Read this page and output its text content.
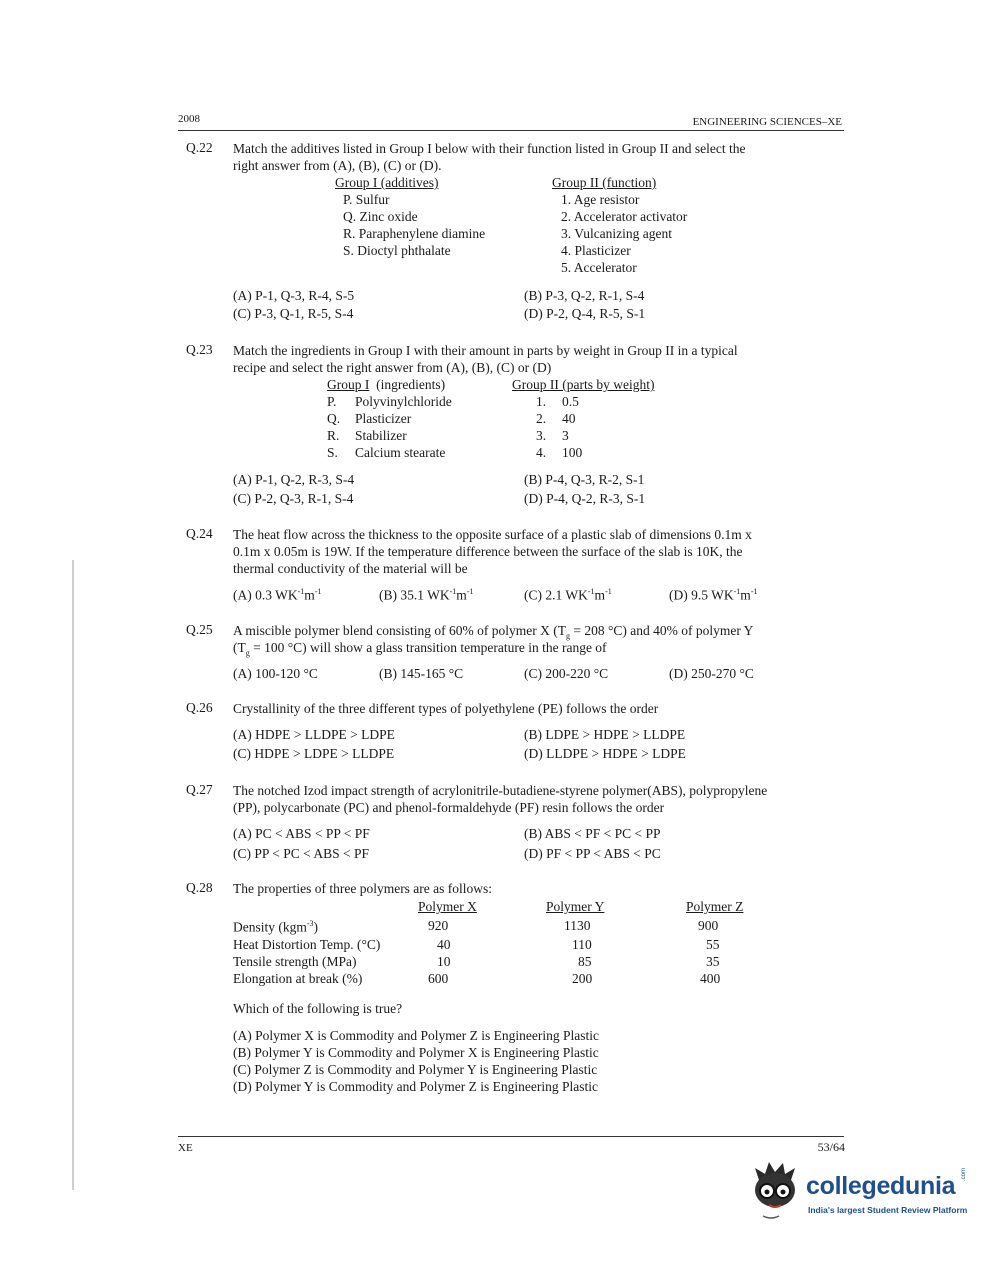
2008	ENGINEERING SCIENCES–XE
Q.22 Match the additives listed in Group I below with their function listed in Group II and select the
right answer from (A), (B), (C) or (D).
Group I (additives)
P. Sulfur
Q. Zinc oxide
R. Paraphenylene diamine
S. Dioctyl phthalate
Group II (function)
1. Age resistor
2. Accelerator activator
3. Vulcanizing agent
4. Plasticizer
5. Accelerator
(A) P-1, Q-3, R-4, S-5	(B) P-3, Q-2, R-1, S-4
(C) P-3, Q-1, R-5, S-4	(D) P-2, Q-4, R-5, S-1
Q.23 Match the ingredients in Group I with their amount in parts by weight in Group II in a typical
recipe and select the right answer from (A), (B), (C) or (D)
Group I (ingredients)
P. Polyvinylchloride
Q. Plasticizer
R. Stabilizer
S. Calcium stearate
Group II (parts by weight)
1. 0.5
2. 40
3. 3
4. 100
(A) P-1, Q-2, R-3, S-4	(B) P-4, Q-3, R-2, S-1
(C) P-2, Q-3, R-1, S-4	(D) P-4, Q-2, R-3, S-1
Q.24 The heat flow across the thickness to the opposite surface of a plastic slab of dimensions 0.1m x
0.1m x 0.05m is 19W. If the temperature difference between the surface of the slab is 10K, the
thermal conductivity of the material will be
(A) 0.3 $WK^{-1}m^{-1}$	(B) 35.1 $WK^{-1}m^{-1}$	(C) 2.1 $WK^{-1}m^{-1}$	(D) 9.5 $WK^{-1}m^{-1}$
Q.25 A miscible polymer blend consisting of 60% of polymer X ($T_g = 208$ °C) and 40% of polymer Y
($T_g = 100$ °C) will show a glass transition temperature in the range of
(A) 100-120 °C	(B) 145-165 °C	(C) 200-220 °C	(D) 250-270 °C
Q.26 Crystallinity of the three different types of polyethylene (PE) follows the order
(A) HDPE > LLDPE > LDPE	(B) LDPE > HDPE > LLDPE
(C) HDPE > LDPE > LLDPE	(D) LLDPE > HDPE > LDPE
Q.27 The notched Izod impact strength of acrylonitrile-butadiene-styrene polymer(ABS), polypropylene
(PP), polycarbonate (PC) and phenol-formaldehyde (PF) resin follows the order
(A) PC < ABS < PP < PF	(B) ABS < PF < PC < PP
(C) PP < PC < ABS < PF	(D) PF < PP < ABS < PC
Q.28 The properties of three polymers are as follows:
	Polymer X	Polymer Y	Polymer Z
Density (kgm$^{-3}$)	920	1130	900
Heat Distortion Temp. (°C)	40	110	55
Tensile strength (MPa)	10	85	35
Elongation at break (%)	600	200	400
Which of the following is true?
(A) Polymer X is Commodity and Polymer Z is Engineering Plastic
(B) Polymer Y is Commodity and Polymer X is Engineering Plastic
(C) Polymer Z is Commodity and Polymer Y is Engineering Plastic
(D) Polymer Y is Commodity and Polymer Z is Engineering Plastic
XE	53/64
collegedunia .com
India's largest Student Review Platform
